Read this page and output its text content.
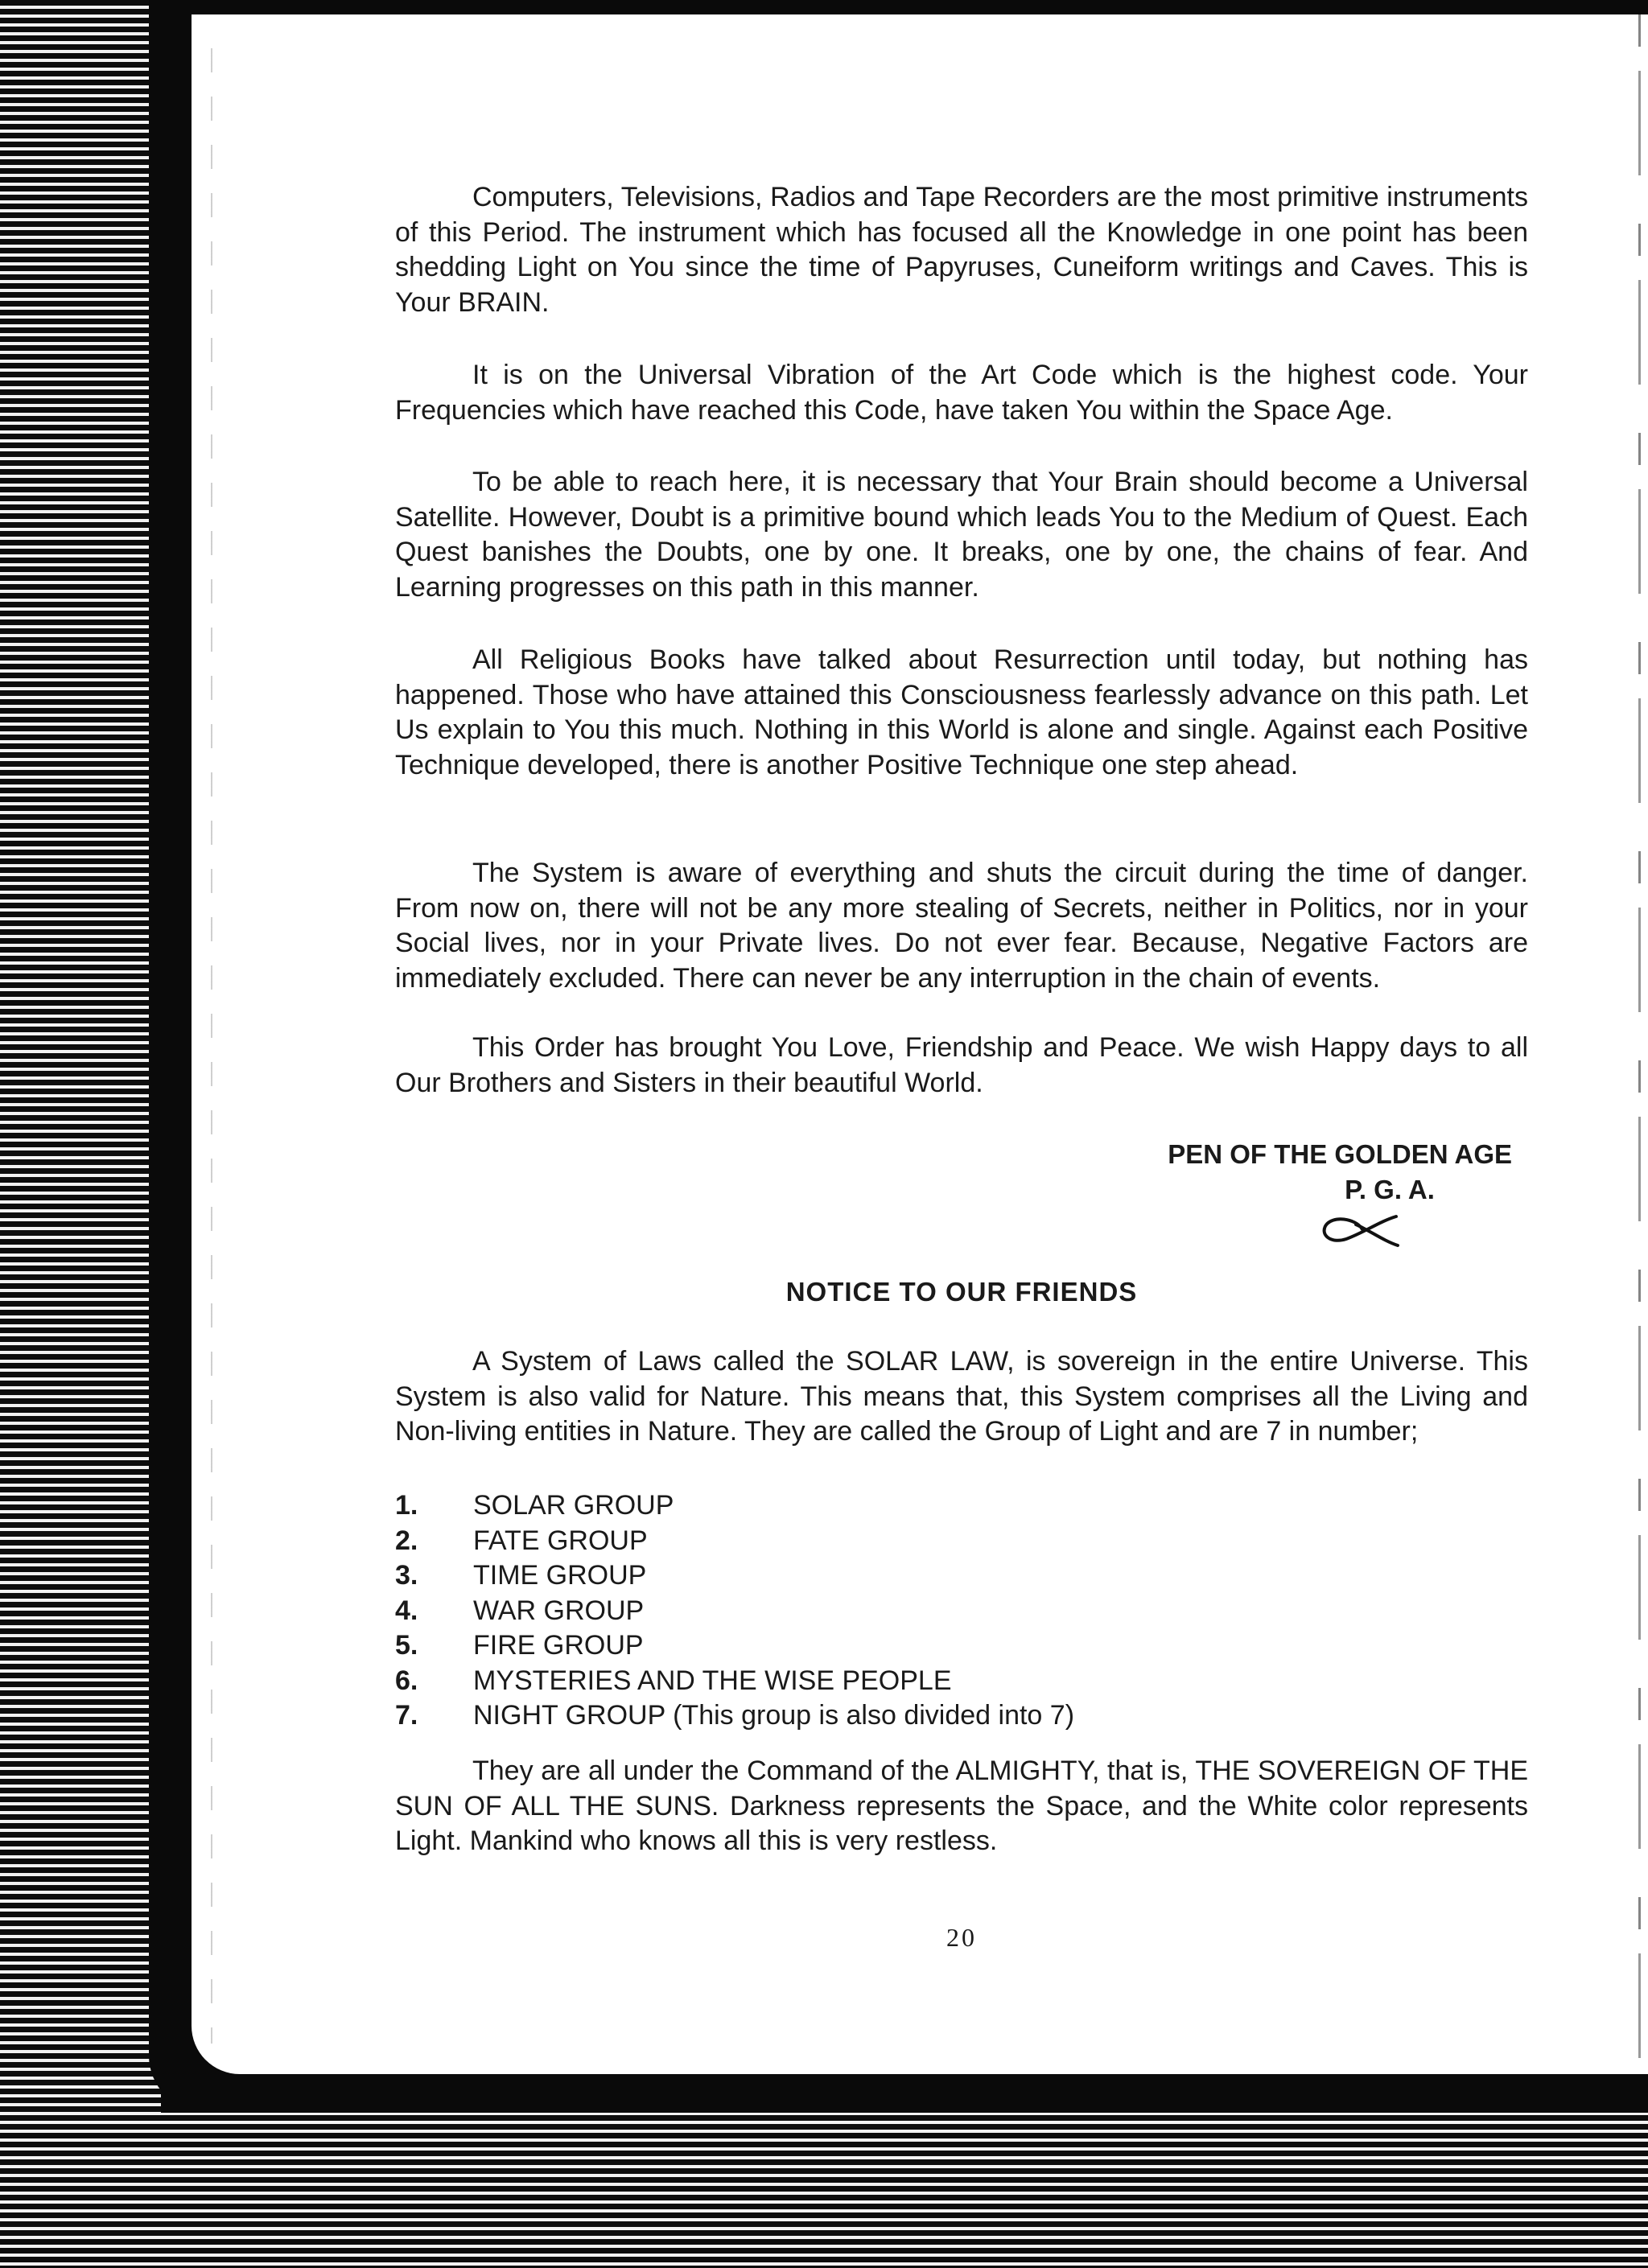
Computers, Televisions, Radios and Tape Recorders are the most primitive instruments of this Period. The instrument which has focused all the Knowledge in one point has been shedding Light on You since the time of Papyruses, Cuneiform writings and Caves. This is Your BRAIN.

It is on the Universal Vibration of the Art Code which is the highest code. Your Frequencies which have reached this Code, have taken You within the Space Age.

To be able to reach here, it is necessary that Your Brain should become a Universal Satellite. However, Doubt is a primitive bound which leads You to the Medium of Quest. Each Quest banishes the Doubts, one by one. It breaks, one by one, the chains of fear. And Learning progresses on this path in this manner.

All Religious Books have talked about Resurrection until today, but nothing has happened. Those who have attained this Consciousness fearlessly advance on this path. Let Us explain to You this much. Nothing in this World is alone and single. Against each Positive Technique developed, there is another Positive Technique one step ahead.

The System is aware of everything and shuts the circuit during the time of danger. From now on, there will not be any more stealing of Secrets, neither in Politics, nor in your Social lives, nor in your Private lives. Do not ever fear. Because, Negative Factors are immediately excluded. There can never be any interruption in the chain of events.

This Order has brought You Love, Friendship and Peace. We wish Happy days to all Our Brothers and Sisters in their beautiful World.

PEN OF THE GOLDEN AGE
P. G. A.
NOTICE TO OUR FRIENDS

A System of Laws called the SOLAR LAW, is sovereign in the entire Universe. This System is also valid for Nature. This means that, this System comprises all the Living and Non-living entities in Nature. They are called the Group of Light and are 7 in number;

1.	SOLAR GROUP
2.	FATE GROUP
3.	TIME GROUP
4.	WAR GROUP
5.	FIRE GROUP
6.	MYSTERIES AND THE WISE PEOPLE
7.	NIGHT GROUP (This group is also divided into 7)

They are all under the Command of the ALMIGHTY, that is, THE SOVEREIGN OF THE SUN OF ALL THE SUNS. Darkness represents the Space, and the White color represents Light. Mankind who knows all this is very restless.

20
